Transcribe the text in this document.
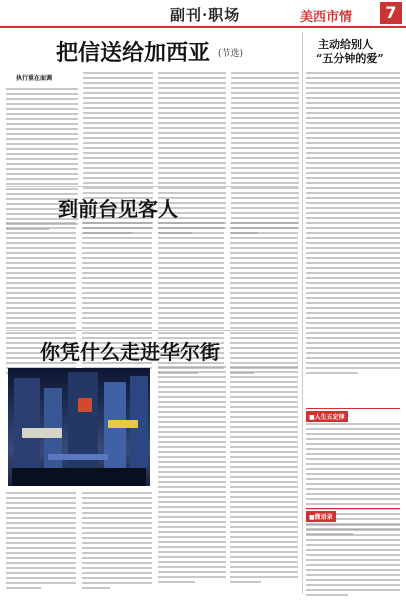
副刊·职场	美西市情	7
把信送给加西亚 (节选)
执行重在面调
主动给别人
“五分钟的爱”
到前台见客人
■人生五定律
你凭什么走进华尔街
■微语录
